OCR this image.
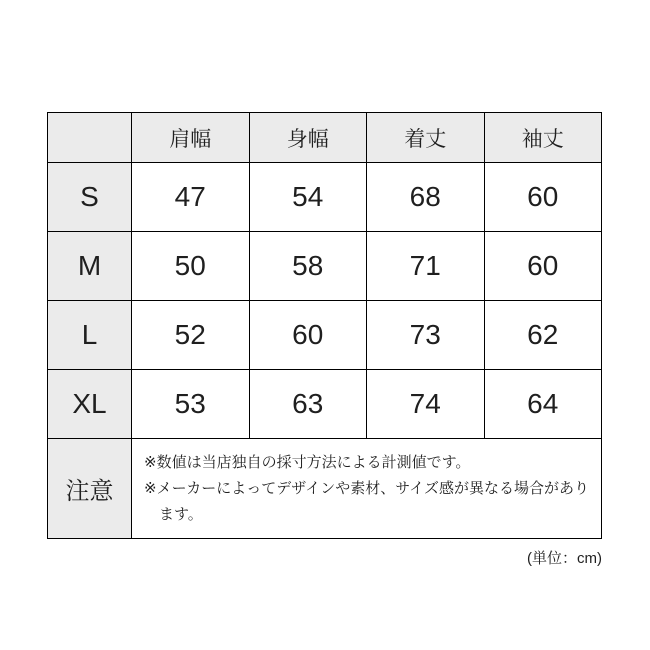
	肩幅	身幅	着丈	袖丈
S	47	54	68	60
M	50	58	71	60
L	52	60	73	62
XL	53	63	74	64
注意	※数値は当店独自の採寸方法による計測値です。

※メーカーによってデザインや素材、サイズ感が異なる場合があります。			

(単位：cm)
